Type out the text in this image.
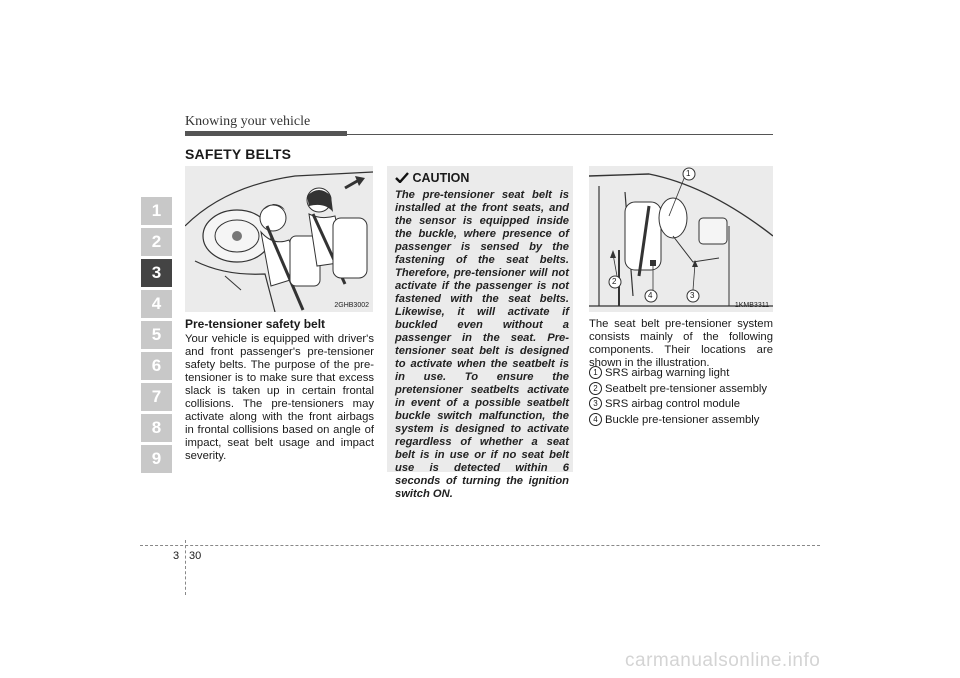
Knowing your vehicle
SAFETY BELTS
1
2
3
4
5
6
7
8
9
2GHB3002
Pre-tensioner safety belt
Your vehicle is equipped with driver's and front passenger's pre-tensioner safety belts. The purpose of the pre-tensioner is to make sure that excess slack is taken up in certain frontal collisions. The pre-tensioners may activate along with the front airbags in frontal collisions based on angle of impact, seat belt usage and impact severity.
CAUTION
The pre-tensioner seat belt is installed at the front seats, and the sensor is equipped inside the buckle, where presence of passenger is sensed by the fastening of the seat belts. Therefore, pre-tensioner will not activate if the passenger is not fastened with the seat belts. Likewise, it will activate if buckled even without a passenger in the seat. Pre-tensioner seat belt is designed to activate when the seatbelt is in use. To ensure the pretensioner seatbelts activate in event of a possible seatbelt buckle switch malfunction, the system is designed to activate regardless of whether a seat belt is in use or if no seat belt use is detected within 6 seconds of turning the ignition switch ON.
1
2
3
4
1KMB3311
The seat belt pre-tensioner system consists mainly of the following components. Their locations are shown in the illustration.
1 SRS airbag warning light
2 Seatbelt pre-tensioner assembly
3 SRS airbag control module
4 Buckle pre-tensioner assembly
3 30
carmanualsonline.info
